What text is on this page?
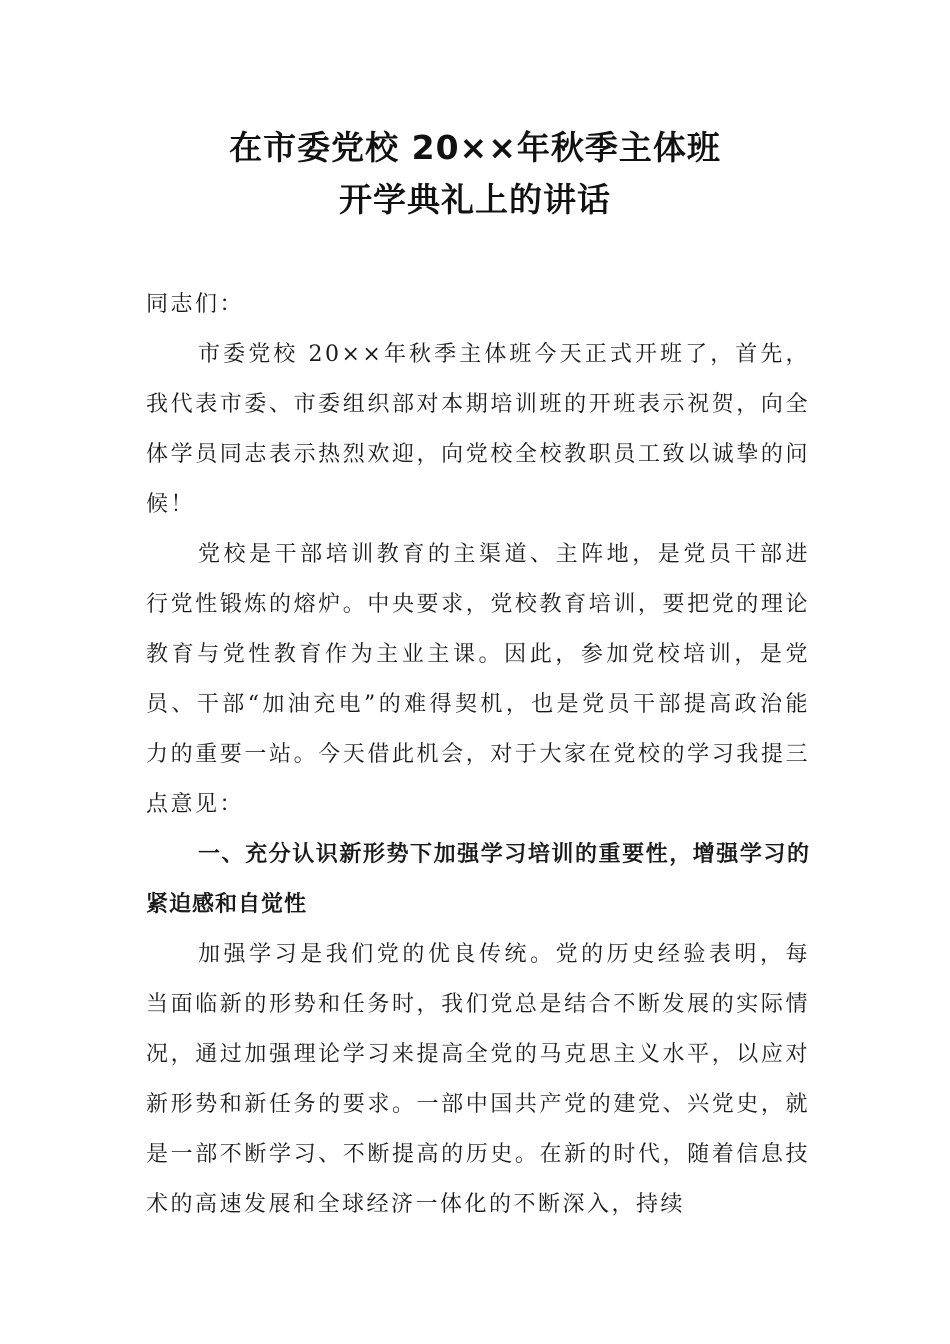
在市委党校 20××年秋季主体班
开学典礼上的讲话

同志们：

市委党校 20××年秋季主体班今天正式开班了，首先，我代表市委、市委组织部对本期培训班的开班表示祝贺，向全体学员同志表示热烈欢迎，向党校全校教职员工致以诚挚的问候！

党校是干部培训教育的主渠道、主阵地，是党员干部进行党性锻炼的熔炉。中央要求，党校教育培训，要把党的理论教育与党性教育作为主业主课。因此，参加党校培训，是党员、干部“加油充电”的难得契机，也是党员干部提高政治能力的重要一站。今天借此机会，对于大家在党校的学习我提三点意见：

一、充分认识新形势下加强学习培训的重要性，增强学习的紧迫感和自觉性

加强学习是我们党的优良传统。党的历史经验表明，每当面临新的形势和任务时，我们党总是结合不断发展的实际情况，通过加强理论学习来提高全党的马克思主义水平，以应对新形势和新任务的要求。一部中国共产党的建党、兴党史，就是一部不断学习、不断提高的历史。在新的时代，随着信息技术的高速发展和全球经济一体化的不断深入，持续
